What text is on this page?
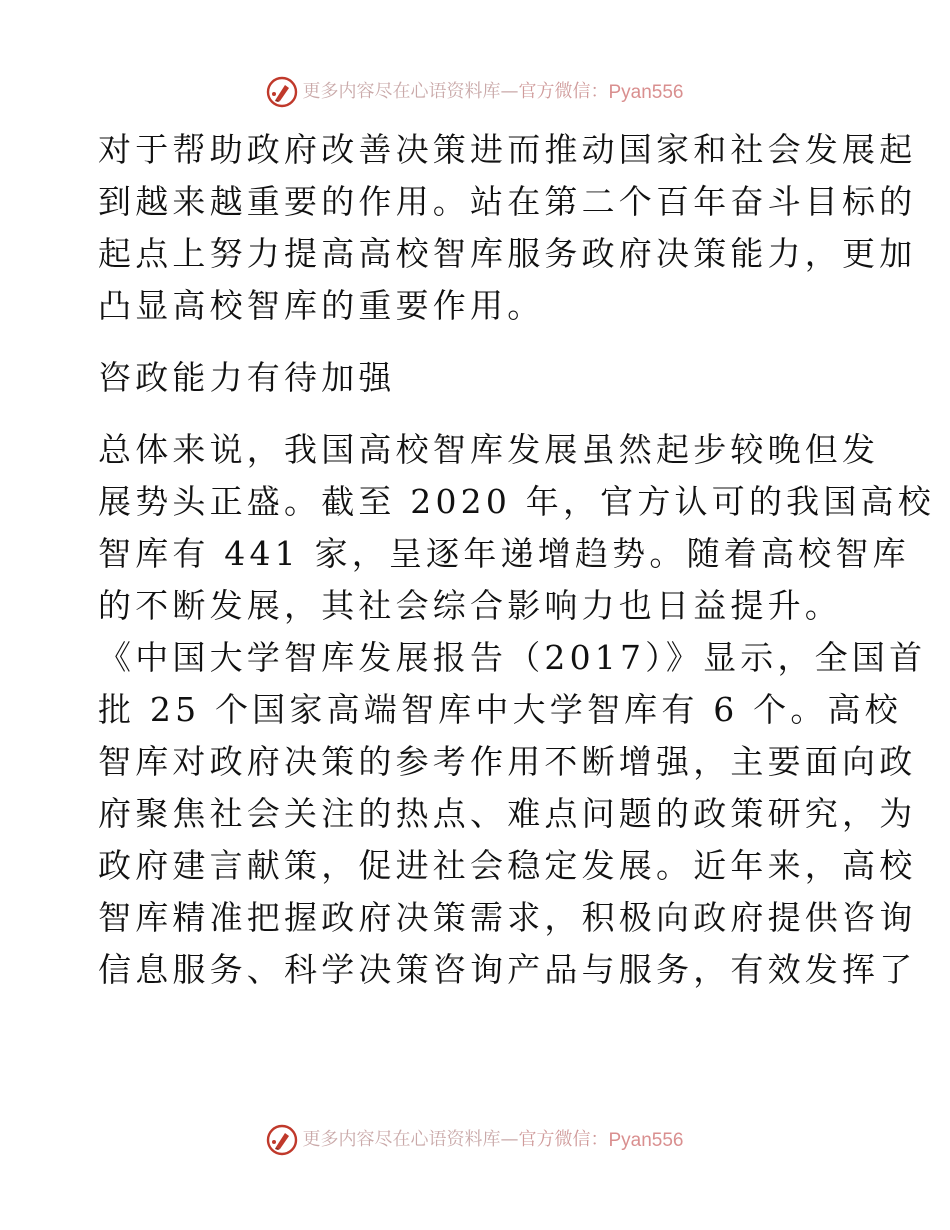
更多内容尽在心语资料库 — 官方微信： Pyan556
对于帮助政府改善决策进而推动国家和社会发展起
到越来越重要的作用。站在第二个百年奋斗目标的
起点上努力提高高校智库服务政府决策能力，更加
凸显高校智库的重要作用。
咨政能力有待加强
总体来说，我国高校智库发展虽然起步较晚但发
展势头正盛。截至 2020 年，官方认可的我国高校
智库有 441 家，呈逐年递增趋势。随着高校智库
的不断发展，其社会综合影响力也日益提升。
《中国大学智库发展报告（2017）》显示，全国首
批 25 个国家高端智库中大学智库有 6 个。高校
智库对政府决策的参考作用不断增强，主要面向政
府聚焦社会关注的热点、难点问题的政策研究，为
政府建言献策，促进社会稳定发展。近年来，高校
智库精准把握政府决策需求，积极向政府提供咨询
信息服务、科学决策咨询产品与服务，有效发挥了
更多内容尽在心语资料库 — 官方微信： Pyan556
